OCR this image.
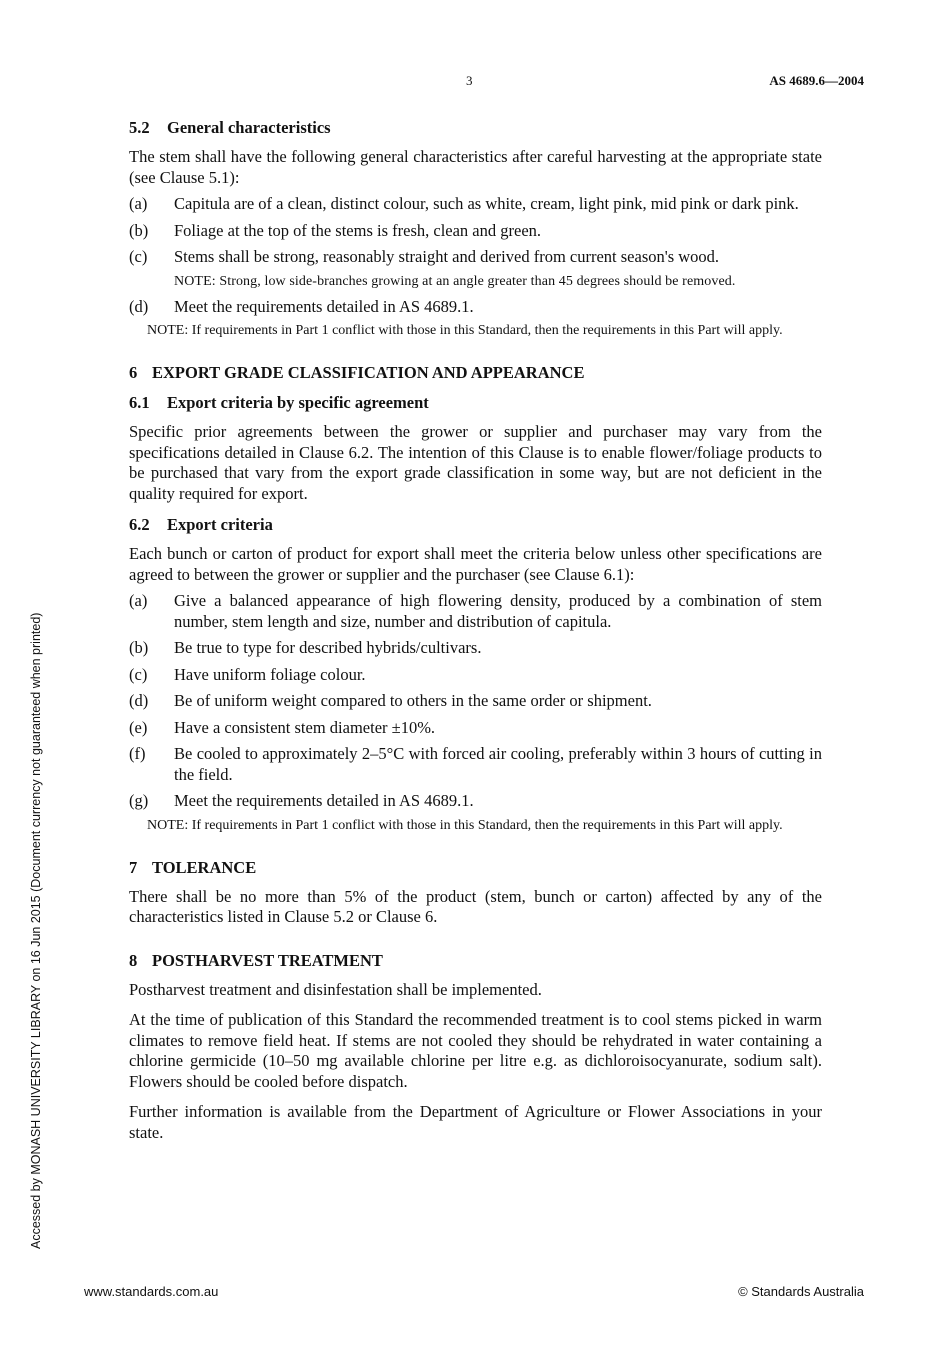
3	AS 4689.6—2004
5.2 General characteristics

The stem shall have the following general characteristics after careful harvesting at the appropriate state (see Clause 5.1):

(a)	Capitula are of a clean, distinct colour, such as white, cream, light pink, mid pink or dark pink.
(b)	Foliage at the top of the stems is fresh, clean and green.
(c)	Stems shall be strong, reasonably straight and derived from current season's wood.

NOTE: Strong, low side-branches growing at an angle greater than 45 degrees should be removed.

(d)	Meet the requirements detailed in AS 4689.1.

NOTE: If requirements in Part 1 conflict with those in this Standard, then the requirements in this Part will apply.

6 EXPORT GRADE CLASSIFICATION AND APPEARANCE
6.1 Export criteria by specific agreement

Specific prior agreements between the grower or supplier and purchaser may vary from the specifications detailed in Clause 6.2. The intention of this Clause is to enable flower/foliage products to be purchased that vary from the export grade classification in some way, but are not deficient in the quality required for export.

6.2 Export criteria

Each bunch or carton of product for export shall meet the criteria below unless other specifications are agreed to between the grower or supplier and the purchaser (see Clause 6.1):

(a)	Give a balanced appearance of high flowering density, produced by a combination of stem number, stem length and size, number and distribution of capitula.
(b)	Be true to type for described hybrids/cultivars.
(c)	Have uniform foliage colour.
(d)	Be of uniform weight compared to others in the same order or shipment.
(e)	Have a consistent stem diameter ±10%.
(f)	Be cooled to approximately 2–5°C with forced air cooling, preferably within 3 hours of cutting in the field.
(g)	Meet the requirements detailed in AS 4689.1.

NOTE: If requirements in Part 1 conflict with those in this Standard, then the requirements in this Part will apply.

7 TOLERANCE

There shall be no more than 5% of the product (stem, bunch or carton) affected by any of the characteristics listed in Clause 5.2 or Clause 6.

8 POSTHARVEST TREATMENT

Postharvest treatment and disinfestation shall be implemented.

At the time of publication of this Standard the recommended treatment is to cool stems picked in warm climates to remove field heat. If stems are not cooled they should be rehydrated in water containing a chlorine germicide (10–50 mg available chlorine per litre e.g. as dichloroisocyanurate, sodium salt). Flowers should be cooled before dispatch.

Further information is available from the Department of Agriculture or Flower Associations in your state.

Accessed by MONASH UNIVERSITY LIBRARY on 16 Jun 2015 (Document currency not guaranteed when printed)
www.standards.com.au	© Standards Australia
